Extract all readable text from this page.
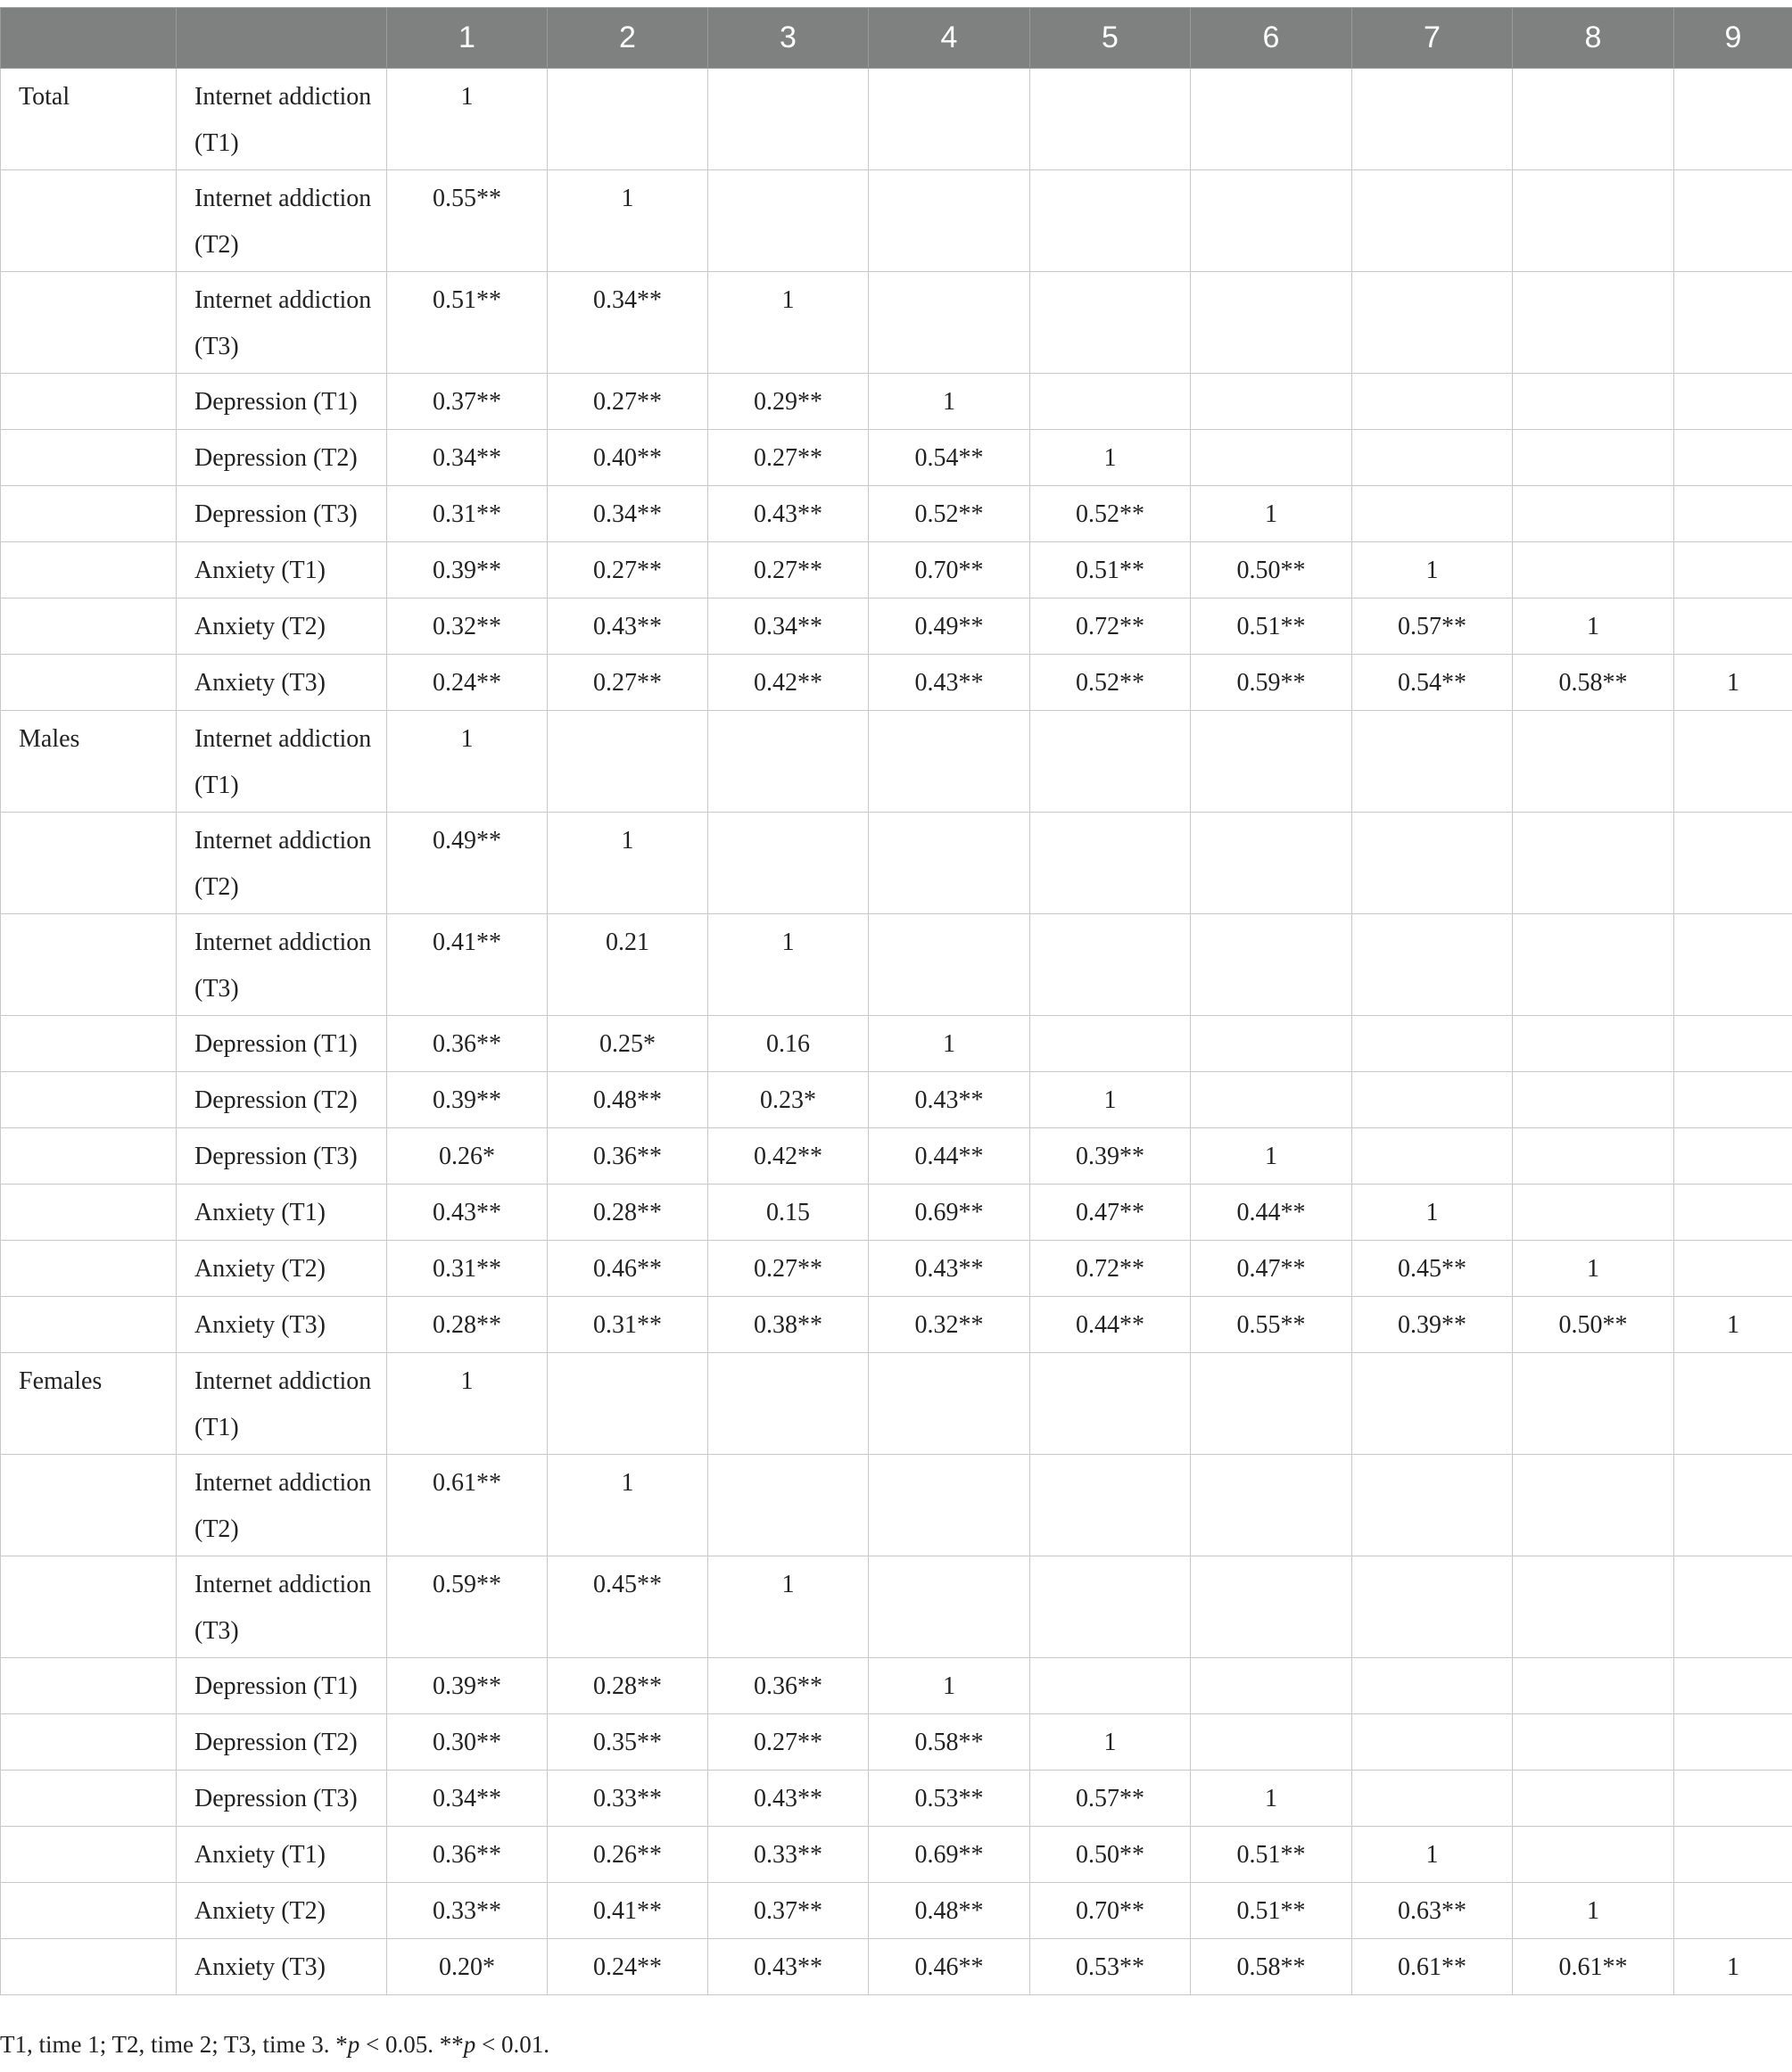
		1	2	3	4	5	6	7	8	9
Total	Internet addiction (T1)	1								
	Internet addiction (T2)	0.55**	1							
	Internet addiction (T3)	0.51**	0.34**	1						
	Depression (T1)	0.37**	0.27**	0.29**	1					
	Depression (T2)	0.34**	0.40**	0.27**	0.54**	1				
	Depression (T3)	0.31**	0.34**	0.43**	0.52**	0.52**	1			
	Anxiety (T1)	0.39**	0.27**	0.27**	0.70**	0.51**	0.50**	1		
	Anxiety (T2)	0.32**	0.43**	0.34**	0.49**	0.72**	0.51**	0.57**	1	
	Anxiety (T3)	0.24**	0.27**	0.42**	0.43**	0.52**	0.59**	0.54**	0.58**	1
Males	Internet addiction (T1)	1								
	Internet addiction (T2)	0.49**	1							
	Internet addiction (T3)	0.41**	0.21	1						
	Depression (T1)	0.36**	0.25*	0.16	1					
	Depression (T2)	0.39**	0.48**	0.23*	0.43**	1				
	Depression (T3)	0.26*	0.36**	0.42**	0.44**	0.39**	1			
	Anxiety (T1)	0.43**	0.28**	0.15	0.69**	0.47**	0.44**	1		
	Anxiety (T2)	0.31**	0.46**	0.27**	0.43**	0.72**	0.47**	0.45**	1	
	Anxiety (T3)	0.28**	0.31**	0.38**	0.32**	0.44**	0.55**	0.39**	0.50**	1
Females	Internet addiction (T1)	1								
	Internet addiction (T2)	0.61**	1							
	Internet addiction (T3)	0.59**	0.45**	1						
	Depression (T1)	0.39**	0.28**	0.36**	1					
	Depression (T2)	0.30**	0.35**	0.27**	0.58**	1				
	Depression (T3)	0.34**	0.33**	0.43**	0.53**	0.57**	1			
	Anxiety (T1)	0.36**	0.26**	0.33**	0.69**	0.50**	0.51**	1		
	Anxiety (T2)	0.33**	0.41**	0.37**	0.48**	0.70**	0.51**	0.63**	1	
	Anxiety (T3)	0.20*	0.24**	0.43**	0.46**	0.53**	0.58**	0.61**	0.61**	1
T1, time 1; T2, time 2; T3, time 3. *p < 0.05. **p < 0.01.
